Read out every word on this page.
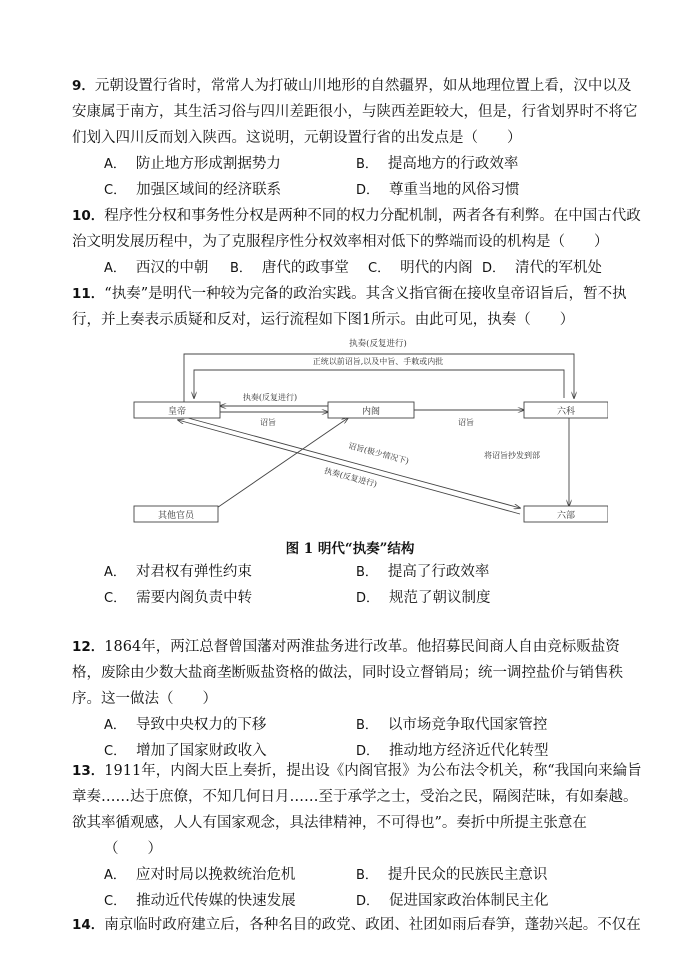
9．元朝设置行省时，常常人为打破山川地形的自然疆界，如从地理位置上看，汉中以及安康属于南方，其生活习俗与四川差距很小，与陕西差距较大，但是，行省划界时不将它们划入四川反而划入陕西。这说明，元朝设置行省的出发点是（　　）
A． 防止地方形成割据势力	B． 提高地方的行政效率
C． 加强区域间的经济联系	D． 尊重当地的风俗习惯
10．程序性分权和事务性分权是两种不同的权力分配机制，两者各有利弊。在中国古代政治文明发展历程中，为了克服程序性分权效率相对低下的弊端而设的机构是（　　）
A． 西汉的中朝 B． 唐代的政事堂 C． 明代的内阁 D． 清代的军机处
11．“执奏”是明代一种较为完备的政治实践。其含义指官衙在接收皇帝诏旨后，暂不执行，并上奏表示质疑和反对，运行流程如下图1所示。由此可见，执奏（　　）
皇帝	内阁	六科
其他官员	六部
执奏(反复进行)
正统以前诏旨,以及中旨、手敕或内批
执奏(反复进行)
诏旨	诏旨
将诏旨抄发到部
诏旨(极少情况下)
执奏(反复进行)
图 1 明代“执奏”结构
A． 对君权有弹性约束	B． 提高了行政效率
C． 需要内阁负责中转	D． 规范了朝议制度
12．1864年，两江总督曾国藩对两淮盐务进行改革。他招募民间商人自由竞标贩盐资格，废除由少数大盐商垄断贩盐资格的做法，同时设立督销局；统一调控盐价与销售秩序。这一做法（　　）
A． 导致中央权力的下移	B． 以市场竞争取代国家管控
C． 增加了国家财政收入	D． 推动地方经济近代化转型
13．1911年，内阁大臣上奏折，提出设《内阁官报》为公布法令机关，称“我国向来綸旨章奏……达于庶僚，不知几何日月……至于承学之士，受治之民，隔阂茫昧，有如秦越。欲其率循观感，人人有国家观念，具法律精神，不可得也”。奏折中所提主张意在
（　　）
A． 应对时局以挽救统治危机	B． 提升民众的民族民主意识
C． 推动近代传媒的快速发展	D． 促进国家政治体制民主化
14．南京临时政府建立后，各种名目的政党、政团、社团如雨后春笋，蓬勃兴起。不仅在
